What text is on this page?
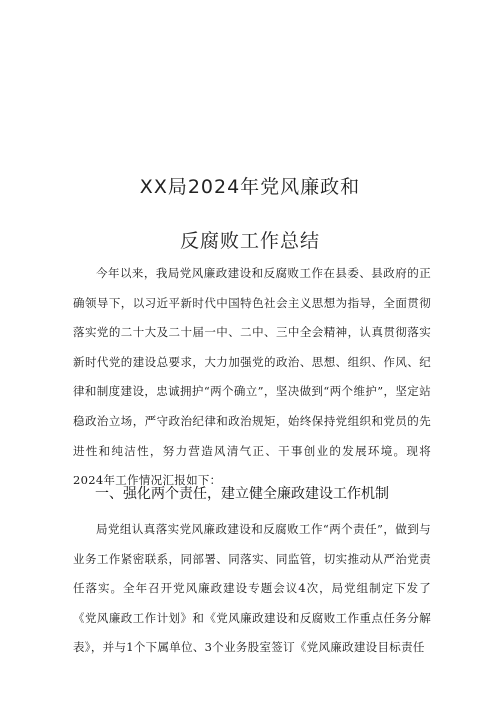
XX局2024年党风廉政和
反腐败工作总结

今年以来，我局党风廉政建设和反腐败工作在县委、县政府的正确领导下，以习近平新时代中国特色社会主义思想为指导，全面贯彻落实党的二十大及二十届一中、二中、三中全会精神，认真贯彻落实新时代党的建设总要求，大力加强党的政治、思想、组织、作风、纪律和制度建设，忠诚拥护“两个确立”，坚决做到“两个维护”，坚定站稳政治立场，严守政治纪律和政治规矩，始终保持党组织和党员的先进性和纯洁性，努力营造风清气正、干事创业的发展环境。现将2024年工作情况汇报如下：

一、强化两个责任，建立健全廉政建设工作机制

局党组认真落实党风廉政建设和反腐败工作“两个责任”，做到与业务工作紧密联系，同部署、同落实、同监管，切实推动从严治党责任落实。全年召开党风廉政建设专题会议4次，局党组制定下发了《党风廉政工作计划》和《党风廉政建设和反腐败工作重点任务分解表》，并与1个下属单位、3个业务股室签订《党风廉政建设目标责任
